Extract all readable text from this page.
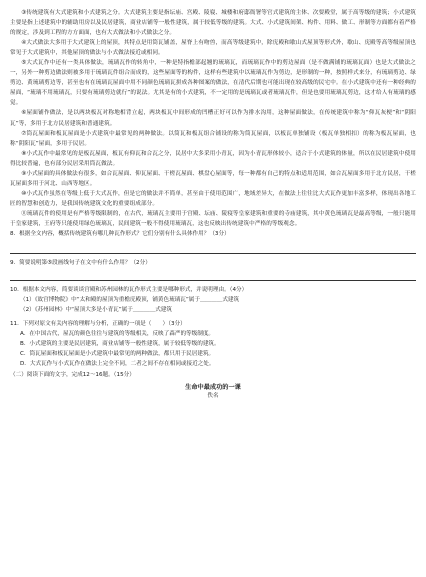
③传统建筑有大式建筑和小式建筑之分。大式建筑主要是指坛庙、宫殿、陵寝、城楼和府邸衙署等官式建筑的主体、次要殿堂，属于高等级的建筑；小式建筑主要是指上述建筑中的辅助用房以及民居建筑，商业店铺等一般性建筑，属于较低等级的建筑。大式、小式建筑间架、构件、用料、做工、形制等方面都有着严格的规定，涉及到工程的方方面面，也有大式做法和小式做法之分。

④大式做法大多用于大式建筑上的屋顶，其特点是用筒瓦铺盖，屋脊上有吻兽，而高等级建筑中，除庑殿和歇山式屋顶等形式外，歇山、庑殿等高等级屋顶也常见于大式建筑中，其他屋顶的做法与小式做法接近或相同。

⑤大式瓦作中还有一类具体做法，琉璃瓦作的转角中，一种是特指檐部起翘的琉璃瓦，而琉璃瓦作中的剪边屋面（是不做满铺的琉璃瓦面）也是大式做法之一，另外一种剪边做法则被多用于琉璃瓦件组合而成的，这些屋面等的构件，这样有些建筑中以琉璃瓦作为剪边，是形制的一种，按照样式来分，有琉璃剪边、绿剪边、黄琉璃剪边等，甚至也有在琉璃瓦屋面中用不同颜色琉璃瓦拼成各种图案的做法，在清代后期也可能出现在较高级的民宅中。在小式建筑中还有一种经典的屋面，“琉璃不用琉璃瓦，只要有琉璃剪边就行”的说法。尤其是有的小式建筑，不一定用的是琉璃瓦或者琉璃瓦件，但是也要用琉璃瓦剪边，这才给人有琉璃的感觉。

⑥屋面铺作做法，是以两块板瓦对称地相背立起，两块板瓦中间形成的凹槽正好可以作为排水沟用，这种屋面做法，在传统建筑中称为“仰瓦灰梗”和“阴阳瓦”等，多用于北方民居建筑和普通建筑。

⑦筒瓦屋面和板瓦屋面是小式建筑中最常见的两种做法。以筒瓦和板瓦组合铺设的称为筒瓦屋面，以板瓦单独铺设（板瓦单独相扣）的称为板瓦屋面，也称“阴阳瓦”屋面，多用于民居。

⑧小式瓦作中最常见的是板瓦屋面，板瓦有仰瓦和合瓦之分，民居中大多采用小青瓦，因为小青瓦形体较小，适合于小式建筑的体量，所以在民居建筑中使用得比较普遍，也有部分民居采用筒瓦做法。

⑨小式屋面的具体做法有很多，如合瓦屋面、仰瓦屋面、干槎瓦屋面、棋盘心屋面等，每一种都有自己的特点和适用范围，如合瓦屋面多用于北方民居，干槎瓦屋面多用于河北、山西等地区。

⑩小式瓦作虽然在等级上低于大式瓦作，但是它的做法并不简单，甚至由于使用范围广，地域差异大，在做法上往往比大式瓦作更加丰富多样，体现出各地工匠的智慧和创造力，是我国传统建筑文化的重要组成部分。

⑪琉璃瓦件的使用是有严格等级限制的，在古代，琉璃瓦主要用于宫殿、坛庙、陵寝等皇家建筑和重要的寺庙建筑，其中黄色琉璃瓦是最高等级，一般只能用于皇家建筑，王府等只能使用绿色琉璃瓦，民间建筑一般不得使用琉璃瓦，这也反映出传统建筑中严格的等级观念。

8．根据全文内容，概括传统建筑有哪几种瓦作形式？它们分别有什么具体作用？（3分）

9．简要说明第⑤段画线句子在文中有什么作用？（2分）

10．根据本文内容，简要谈谈宫殿和苏州园林的瓦作形式主要是哪种形式，并说明理由。（4分）

（1）《故宫博物院》中“太和殿的屋顶为重檐庑殿顶，铺黄色琉璃瓦”属于＿＿＿＿式建筑

（2）《苏州园林》中“屋顶大多是小青瓦”属于＿＿＿＿式建筑

11．下列对原文有关内容的理解与分析，正确的一项是（　　）（3分）

A．在中国古代，屋瓦的颜色往往与建筑的等级相关，反映了森严的等级制度。

B．小式建筑的主要是民居建筑，商业店铺等一般性建筑，属于较低等级的建筑。

C．筒瓦屋面和板瓦屋面是小式建筑中最常见的两种做法，都只用于民居建筑。

D．大式瓦作与小式瓦作在做法上完全不同，二者之间不存在相同或接近之处。

（二）阅读下面的文字，完成12～16题。（15分）

生命中最成功的一课

佚名
